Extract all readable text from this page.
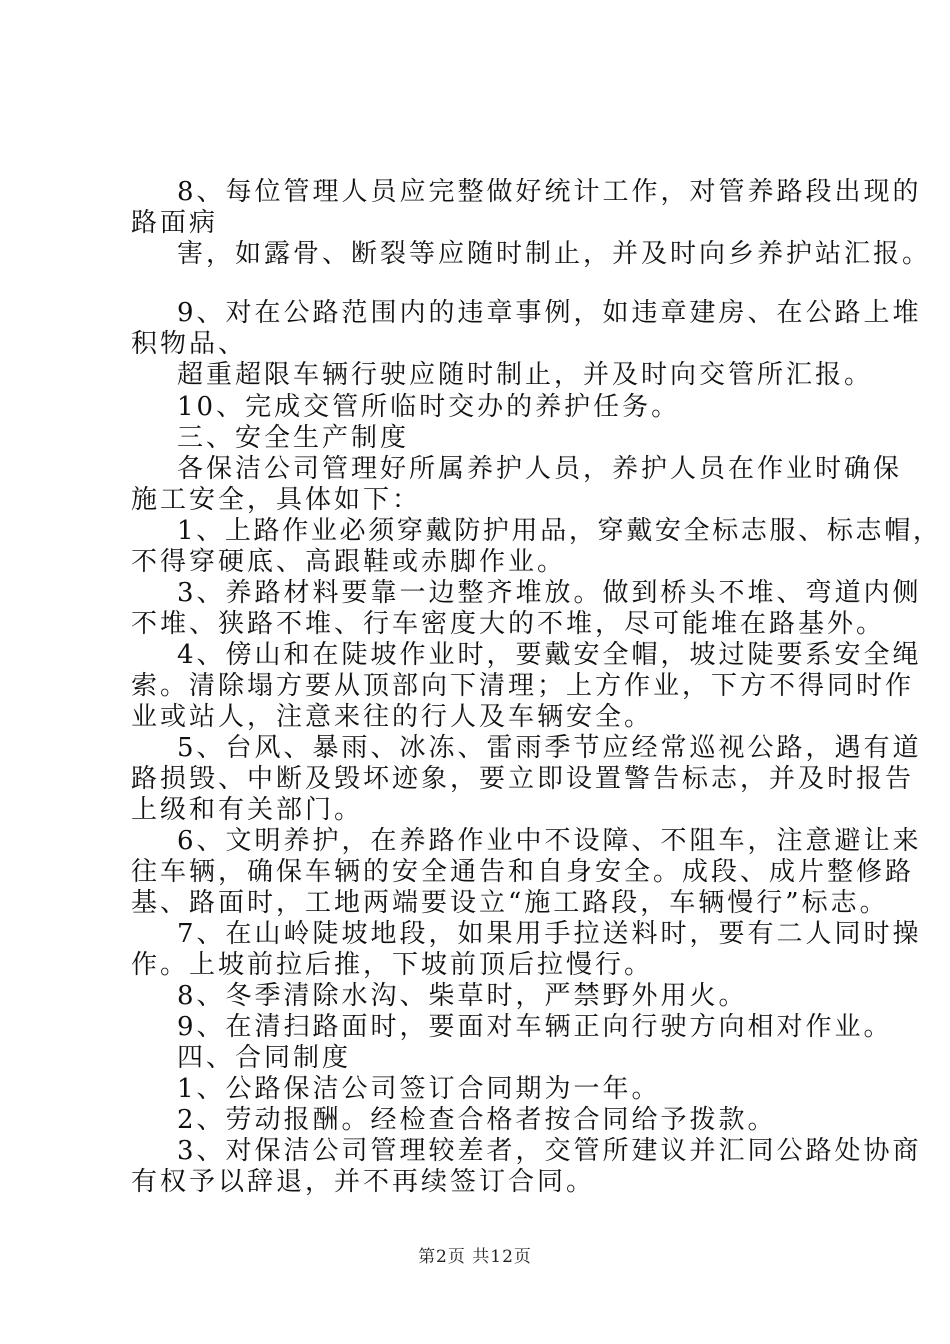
8、每位管理人员应完整做好统计工作，对管养路段出现的
路面病
害，如露骨、断裂等应随时制止，并及时向乡养护站汇报。
9、对在公路范围内的违章事例，如违章建房、在公路上堆
积物品、
超重超限车辆行驶应随时制止，并及时向交管所汇报。
10、完成交管所临时交办的养护任务。
三、安全生产制度
各保洁公司管理好所属养护人员，养护人员在作业时确保
施工安全，具体如下：
1、上路作业必须穿戴防护用品，穿戴安全标志服、标志帽，
不得穿硬底、高跟鞋或赤脚作业。
3、养路材料要靠一边整齐堆放。做到桥头不堆、弯道内侧
不堆、狭路不堆、行车密度大的不堆，尽可能堆在路基外。
4、傍山和在陡坡作业时，要戴安全帽，坡过陡要系安全绳
索。清除塌方要从顶部向下清理；上方作业，下方不得同时作
业或站人，注意来往的行人及车辆安全。
5、台风、暴雨、冰冻、雷雨季节应经常巡视公路，遇有道
路损毁、中断及毁坏迹象，要立即设置警告标志，并及时报告
上级和有关部门。
6、文明养护，在养路作业中不设障、不阻车，注意避让来
往车辆，确保车辆的安全通告和自身安全。成段、成片整修路
基、路面时，工地两端要设立“施工路段，车辆慢行”标志。
7、在山岭陡坡地段，如果用手拉送料时，要有二人同时操
作。上坡前拉后推，下坡前顶后拉慢行。
8、冬季清除水沟、柴草时，严禁野外用火。
9、在清扫路面时，要面对车辆正向行驶方向相对作业。
四、合同制度
1、公路保洁公司签订合同期为一年。
2、劳动报酬。经检查合格者按合同给予拨款。
3、对保洁公司管理较差者，交管所建议并汇同公路处协商
有权予以辞退，并不再续签订合同。
第2页 共12页
